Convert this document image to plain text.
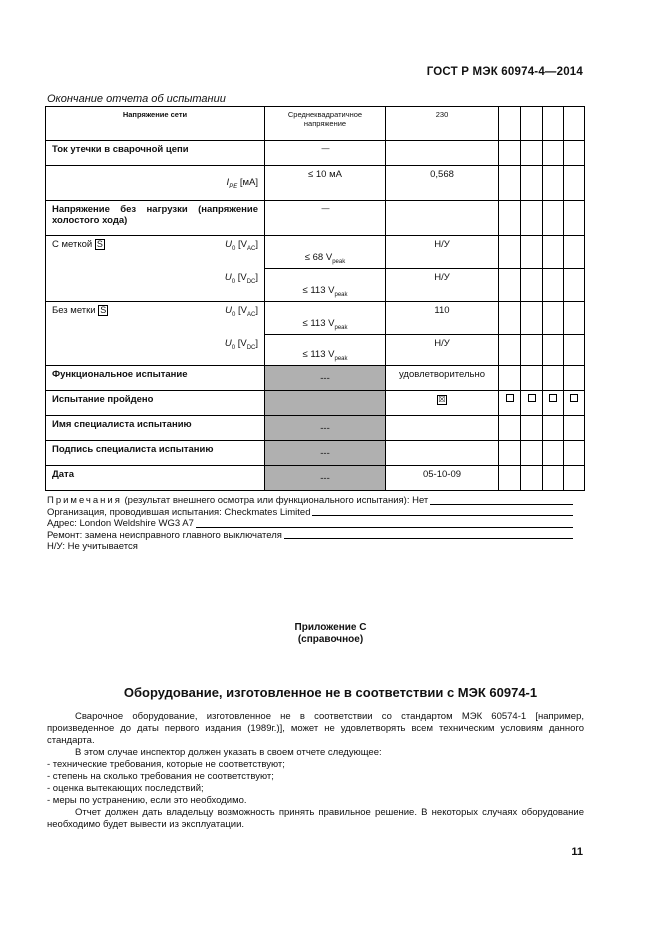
ГОСТ Р МЭК 60974-4—2014
Окончание отчета об испытании
Напряжение сети	Среднеквадратичное напряжение	230				
Ток утечки в сварочной цепи	—					
$I_{PE}$ [мА]	≤ 10 мА	0,568				
Напряжение без нагрузки (напряжение холостого хода)	—					

С меткой S $U_0$ $[V_{AC}]$	≤ 68 $V_{peak}$	Н/У				
$U_0$ $[V_{DC}]$	≤ 113 $V_{peak}$	Н/У				

Без метки S $U_0$ $[V_{AC}]$	≤ 113 $V_{peak}$	110				
$U_0$ $[V_{DC}]$	≤ 113 $V_{peak}$	Н/У				
Функциональное испытание	---	удовлетворительно				
Испытание пройдено		☒				
Имя специалиста испытанию	---					
Подпись специалиста испытанию	---					
Дата	---	05-10-09				
Примечания (результат внешнего осмотра или функционального испытания): Нет
Организация, проводившая испытания: Checkmates Limited
Адрес: London Weldshire WG3 A7
Ремонт: замена неисправного главного выключателя
Н/У: Не учитывается
Приложение С
(справочное)
Оборудование, изготовленное не в соответствии с МЭК 60974-1

Сварочное оборудование, изготовленное не в соответствии со стандартом МЭК 60574-1 [например, произведенное до даты первого издания (1989г.)], может не удовлетворять всем техническим условиям данного стандарта.

В этом случае инспектор должен указать в своем отчете следующее:

- технические требования, которые не соответствуют;

- степень на сколько требования не соответствуют;

- оценка вытекающих последствий;

- меры по устранению, если это необходимо.

Отчет должен дать владельцу возможность принять правильное решение. В некоторых случаях оборудование необходимо будет вывести из эксплуатации.

11
